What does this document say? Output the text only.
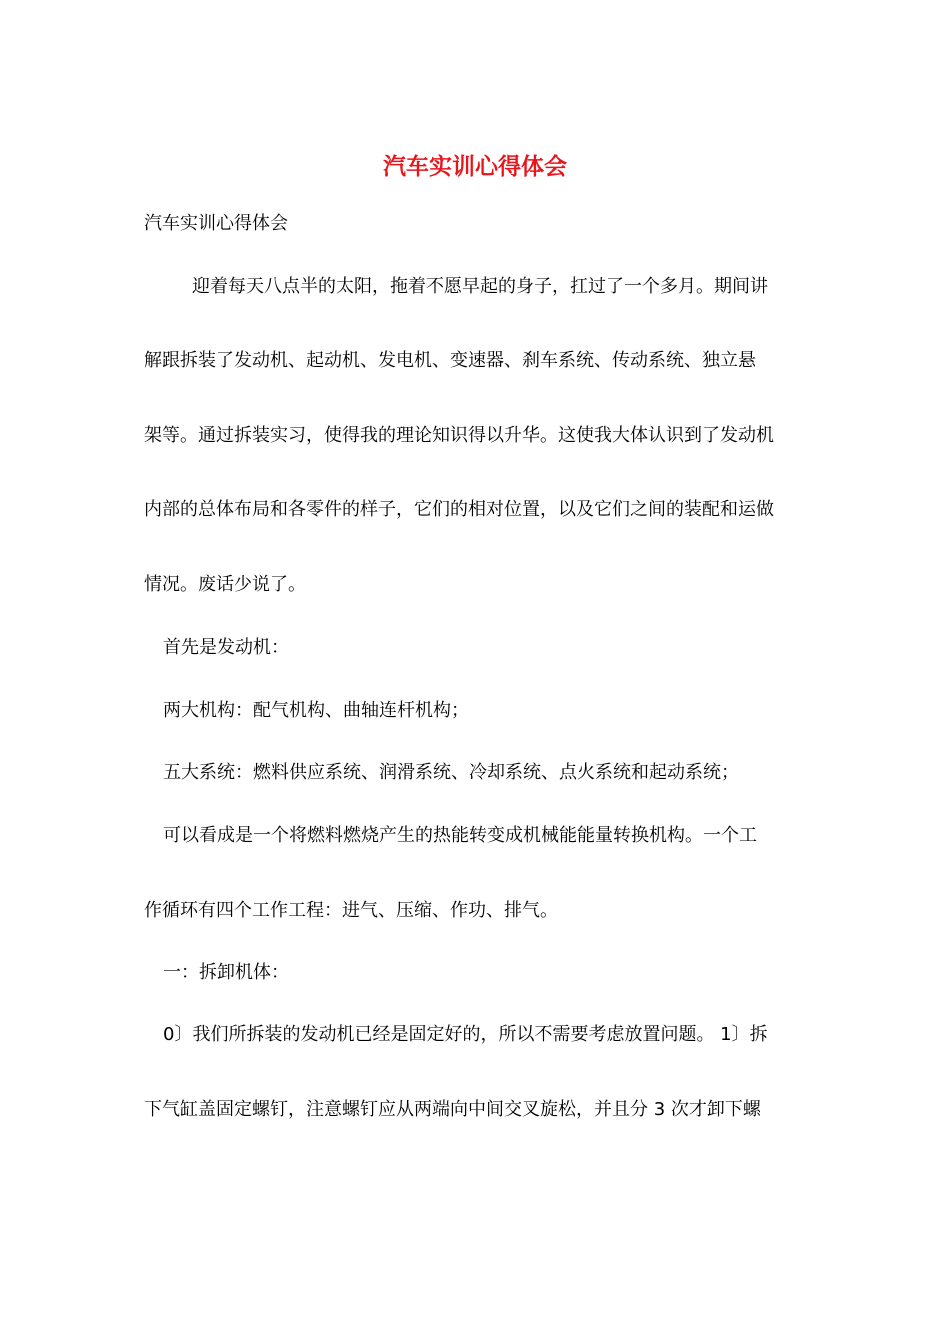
汽车实训心得体会

汽车实训心得体会

迎着每天八点半的太阳，拖着不愿早起的身子，扛过了一个多月。期间讲

解跟拆装了发动机、起动机、发电机、变速器、刹车系统、传动系统、独立悬

架等。通过拆装实习，使得我的理论知识得以升华。这使我大体认识到了发动机

内部的总体布局和各零件的样子，它们的相对位置，以及它们之间的装配和运做

情况。废话少说了。

首先是发动机：

两大机构：配气机构、曲轴连杆机构；

五大系统：燃料供应系统、润滑系统、冷却系统、点火系统和起动系统；

可以看成是一个将燃料燃烧产生的热能转变成机械能能量转换机构。一个工

作循环有四个工作工程：进气、压缩、作功、排气。

一：拆卸机体：

0〕我们所拆装的发动机已经是固定好的，所以不需要考虑放置问题。 1〕拆

下气缸盖固定螺钉，注意螺钉应从两端向中间交叉旋松，并且分 3 次才卸下螺
